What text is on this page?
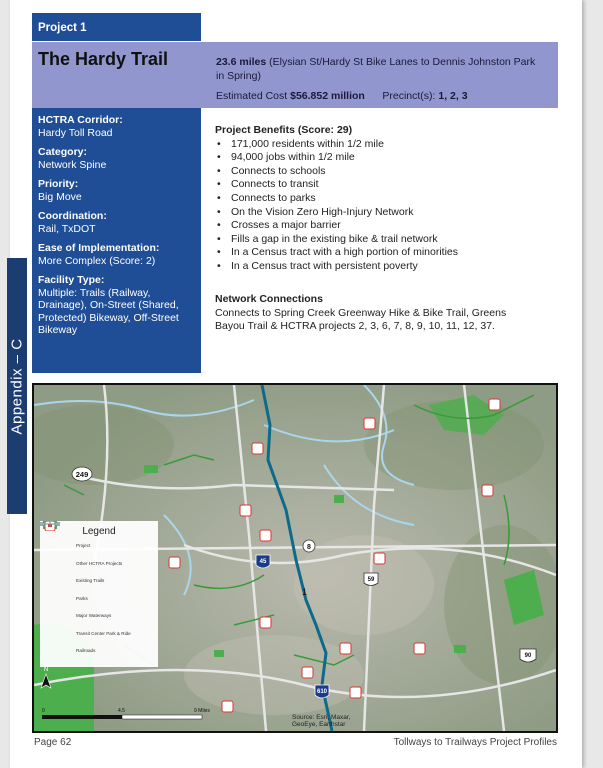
Appendix – C
Project 1
The Hardy Trail	23.6 miles (Elysian St/Hardy St Bike Lanes to Dennis Johnston Park in Spring)
Estimated Cost $56.852 million Precinct(s): 1, 2, 3
HCTRA Corridor:
Hardy Toll Road
Category:
Network Spine
Priority:
Big Move
Coordination:
Rail, TxDOT
Ease of Implementation:
More Complex (Score: 2)
Facility Type:
Multiple: Trails (Railway, Drainage), On-Street (Shared, Protected) Bikeway, Off-Street Bikeway
Project Benefits (Score: 29)
• 171,000 residents within 1/2 mile
• 94,000 jobs within 1/2 mile
• Connects to schools
• Connects to transit
• Connects to parks
• On the Vision Zero High-Injury Network
• Crosses a major barrier
• Fills a gap in the existing bike & trail network
• In a Census tract with a high portion of minorities
• In a Census tract with persistent poverty
Network Connections

Connects to Spring Creek Greenway Hike & Bike Trail, Greens Bayou Trail & HCTRA projects 2, 3, 6, 7, 8, 9, 10, 11, 12, 37.

249
45
8
59
90
610
1
N
0	4.5	9 Miles
Legend
Project
Other HCTRA Projects
Existing Trails
Parks
Major Waterways
Transit Center Park & Ride
Railroads
Source: Esri, Maxar,
GeoEye, Earthstar
Page 62	Tollways to Trailways Project Profiles
